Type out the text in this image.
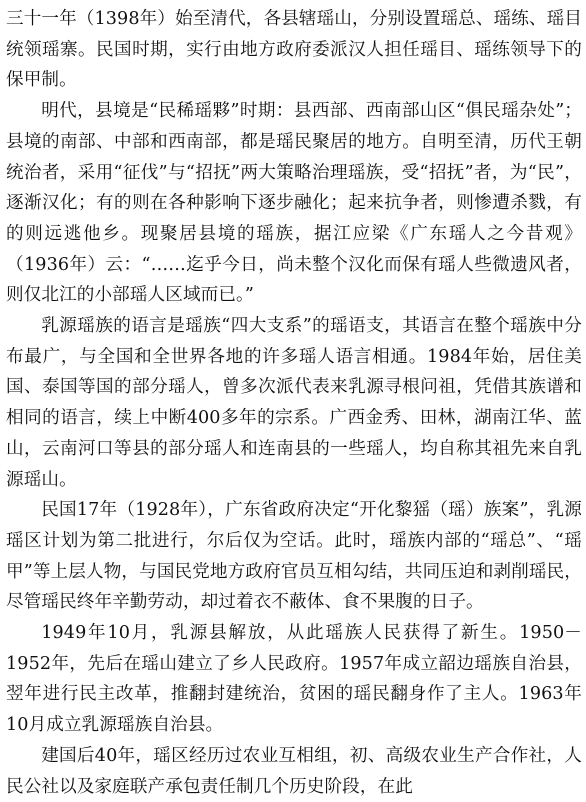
三十一年（1398年）始至清代，各县辖瑶山，分别设置瑶总、瑶练、瑶目统领瑶寨。民国时期，实行由地方政府委派汉人担任瑶目、瑶练领导下的保甲制。

明代，县境是“民稀瑶夥”时期：县西部、西南部山区“俱民瑶杂处”；县境的南部、中部和西南部，都是瑶民聚居的地方。自明至清，历代王朝统治者，采用“征伐”与“招抚”两大策略治理瑶族，受“招抚”者，为“民”，逐渐汉化；有的则在各种影响下逐步融化；起来抗争者，则惨遭杀戮，有的则远逃他乡。现聚居县境的瑶族，据江应梁《广东瑶人之今昔观》（1936年）云：“……迄乎今日，尚未整个汉化而保有瑶人些微遗风者，则仅北江的小部瑶人区域而已。”

乳源瑶族的语言是瑶族“四大支系”的瑶语支，其语言在整个瑶族中分布最广，与全国和全世界各地的许多瑶人语言相通。1984年始，居住美国、泰国等国的部分瑶人，曾多次派代表来乳源寻根问祖，凭借其族谱和相同的语言，续上中断400多年的宗系。广西金秀、田林，湖南江华、蓝山，云南河口等县的部分瑶人和连南县的一些瑶人，均自称其祖先来自乳源瑶山。

民国17年（1928年），广东省政府决定“开化黎猺（瑶）族案”，乳源瑶区计划为第二批进行，尔后仅为空话。此时，瑶族内部的“瑶总”、“瑶甲”等上层人物，与国民党地方政府官员互相勾结，共同压迫和剥削瑶民，尽管瑶民终年辛勤劳动，却过着衣不蔽体、食不果腹的日子。

1949年10月，乳源县解放，从此瑶族人民获得了新生。1950－1952年，先后在瑶山建立了乡人民政府。1957年成立韶边瑶族自治县，翌年进行民主改革，推翻封建统治，贫困的瑶民翻身作了主人。1963年10月成立乳源瑶族自治县。

建国后40年，瑶区经历过农业互相组，初、高级农业生产合作社，人民公社以及家庭联产承包责任制几个历史阶段，在此
